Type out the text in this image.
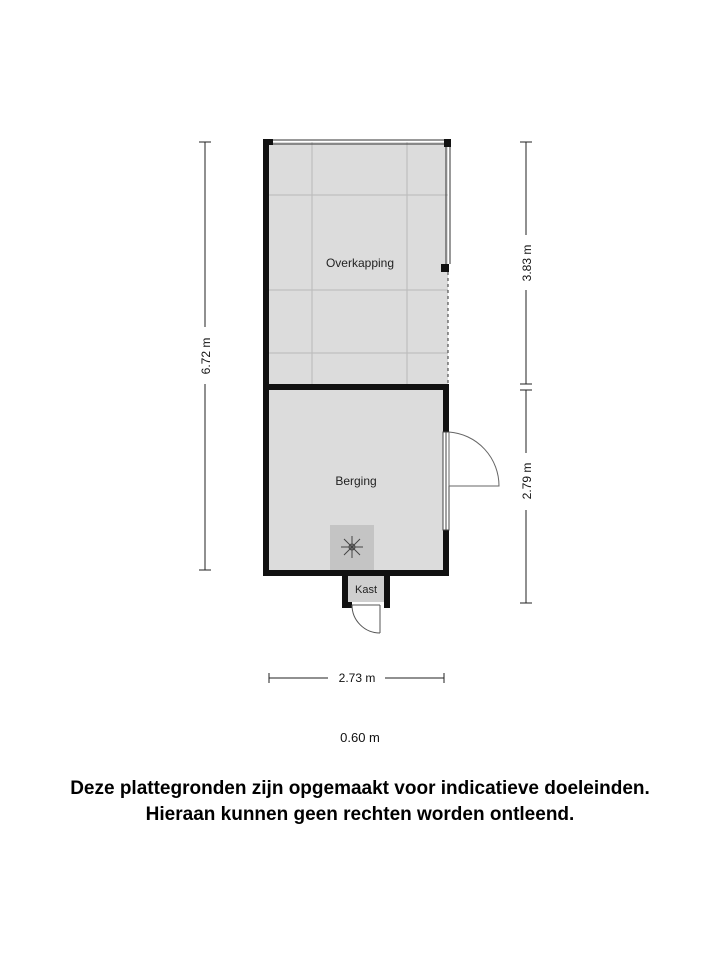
Overkapping
Berging
Kast
6.72 m
3.83 m
2.79 m
2.73 m
0.60 m
Deze plattegronden zijn opgemaakt voor indicatieve doeleinden.
Hieraan kunnen geen rechten worden ontleend.
